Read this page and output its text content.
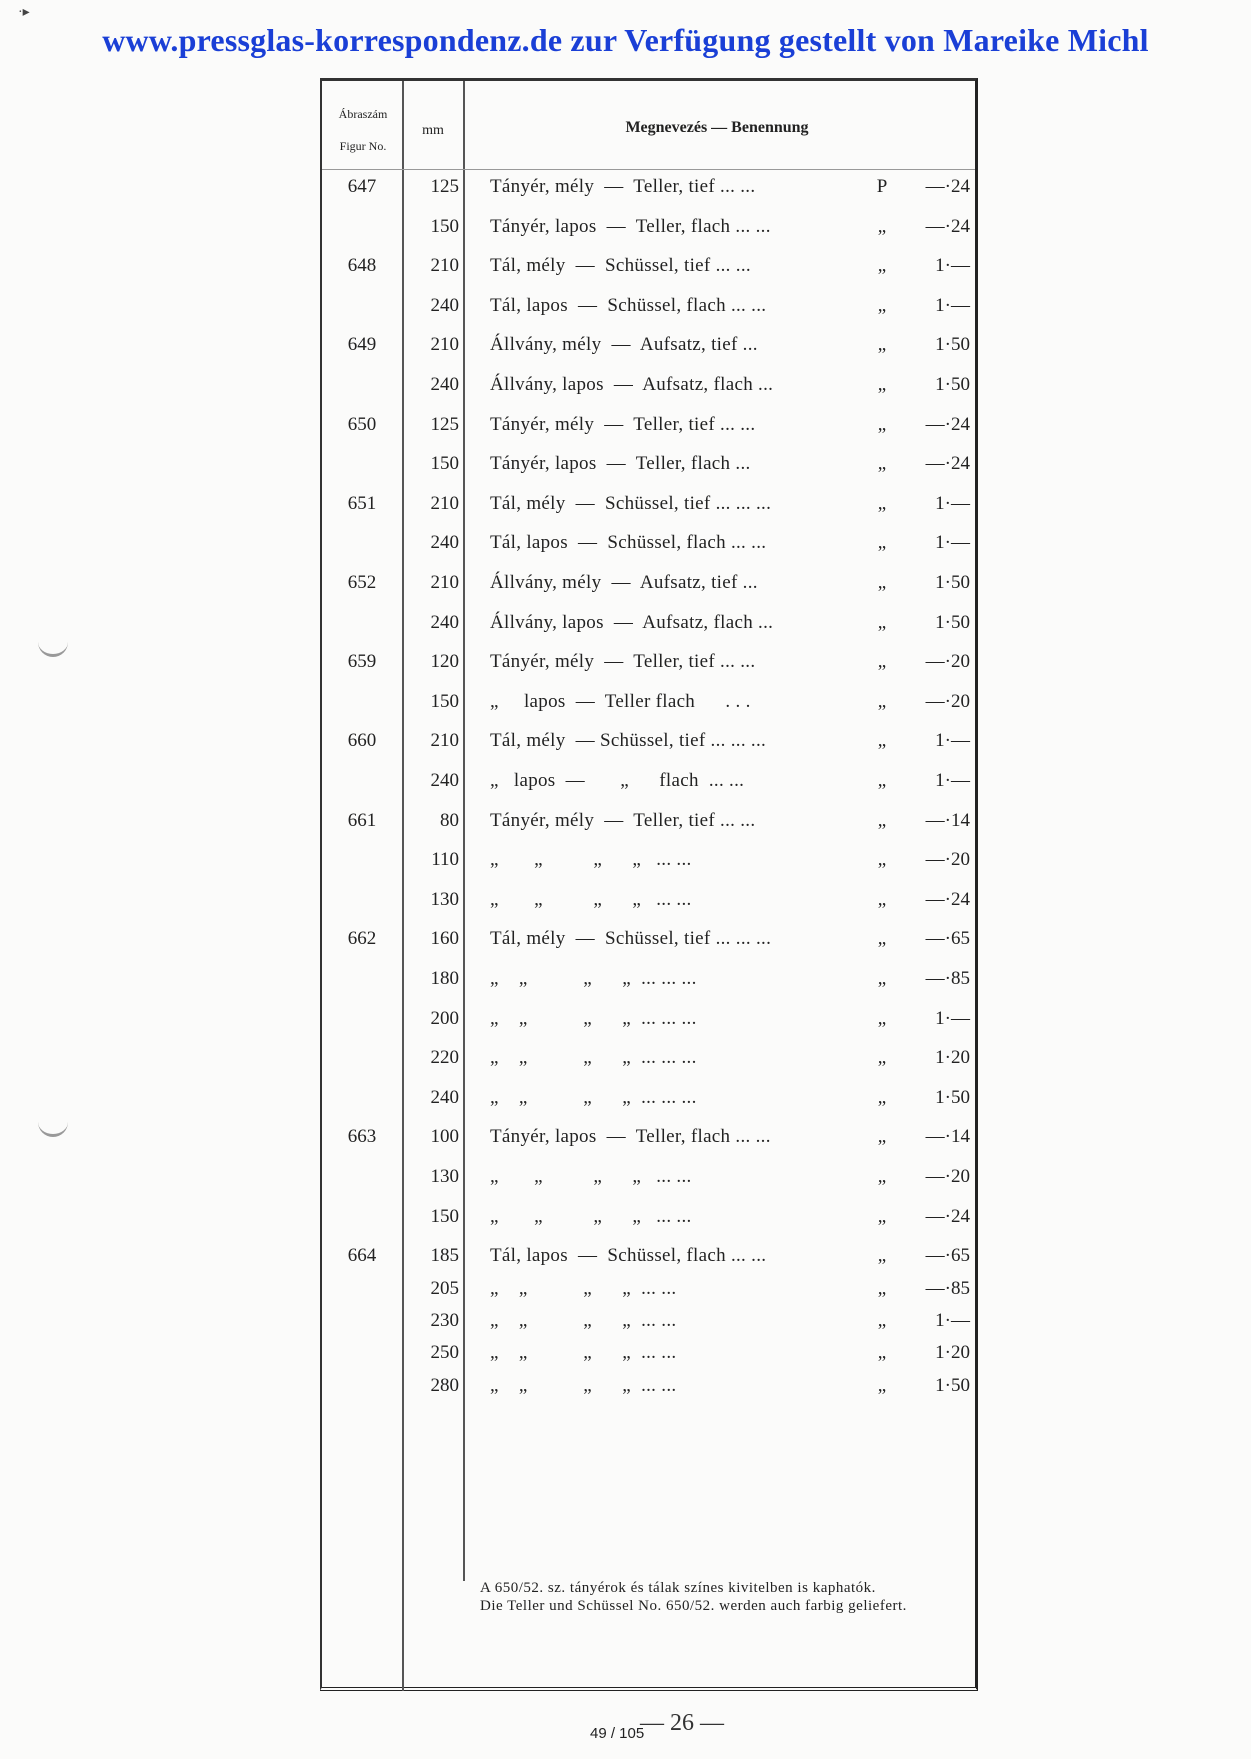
·▸
www.pressglas-korrespondenz.de zur Verfügung gestellt von Mareike Michl
Ábraszám
Figur No.
mm	Megnevezés — Benennung
647	125 Tányér, mély  —  Teller, tief ... ...	P	—·24
150 Tányér, lapos  —  Teller, flach ... ...	„	—·24
648	210 Tál, mély  —  Schüssel, tief ... ...	„	1·—
240 Tál, lapos  —  Schüssel, flach ... ...	„	1·—
649	210 Állvány, mély  —  Aufsatz, tief ...	„	1·50
240 Állvány, lapos  —  Aufsatz, flach ...	„	1·50
650	125 Tányér, mély  —  Teller, tief ... ...	„	—·24
150 Tányér, lapos  —  Teller, flach ...	„	—·24
651	210 Tál, mély  —  Schüssel, tief ... ... ...	„	1·—
240 Tál, lapos  —  Schüssel, flach ... ...	„	1·—
652	210 Állvány, mély  —  Aufsatz, tief ...	„	1·50
240 Állvány, lapos  —  Aufsatz, flach ...	„	1·50
659	120 Tányér, mély  —  Teller, tief ... ...	„	—·20
150 „     lapos  —  Teller flach      . . .	„	—·20
660	210 Tál, mély  — Schüssel, tief ... ... ...	„	1·—
240 „   lapos  —       „      flach  ... ...	„	1·—
661	80 Tányér, mély  —  Teller, tief ... ...	„	—·14
110 „       „          „      „   ... ...	„	—·20
130 „       „          „      „   ... ...	„	—·24
662	160 Tál, mély  —  Schüssel, tief ... ... ...	„	—·65
180 „    „           „      „  ... ... ...	„	—·85
200 „    „           „      „  ... ... ...	„	1·—
220 „    „           „      „  ... ... ...	„	1·20
240 „    „           „      „  ... ... ...	„	1·50
663	100 Tányér, lapos  —  Teller, flach ... ...	„	—·14
130 „       „          „      „   ... ...	„	—·20
150 „       „          „      „   ... ...	„	—·24
664	185 Tál, lapos  —  Schüssel, flach ... ...	„	—·65
205 „    „           „      „  ... ...	„	—·85
230 „    „           „      „  ... ...	„	1·—
250 „    „           „      „  ... ...	„	1·20
280 „    „           „      „  ... ...	„	1·50

A 650/52. sz. tányérok és tálak színes kivitelben is kaphatók.

Die Teller und Schüssel No. 650/52. werden auch farbig geliefert.

— 26 —
49 / 105
